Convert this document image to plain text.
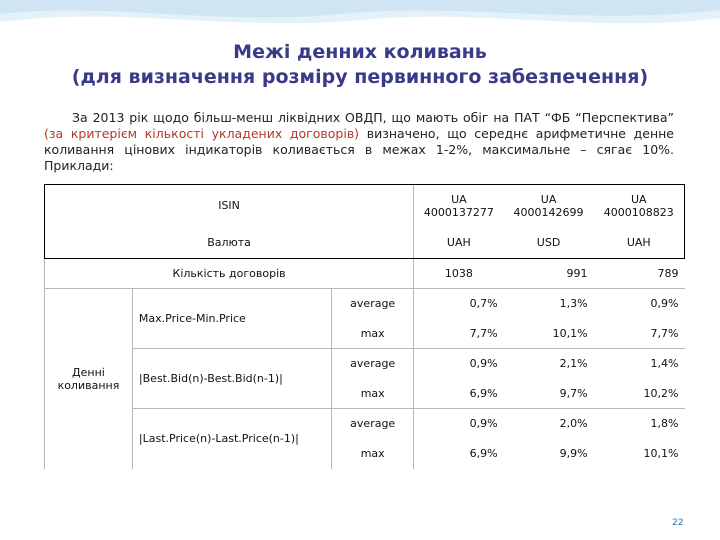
Межі денних коливань
(для визначення розміру первинного забезпечення)
За 2013 рік щодо більш-менш ліквідних ОВДП, що мають обіг на ПАТ “ФБ “Перспектива” (за критерієм кількості укладених договорів) визначено, що середнє арифметичне денне коливання цінових індикаторів коливається в межах 1-2%, максимальне – сягає 10%. Приклади:
ISIN			UA 4000137277	UA 4000142699	UA 4000108823
Валюта			UAH	USD	UAH
Кількість договорів			1038	991	789
Денні коливання	Max.Price-Min.Price	average	0,7%	1,3%	0,9%
		max	7,7%	10,1%	7,7%
	|Best.Bid(n)-Best.Bid(n-1)|	average	0,9%	2,1%	1,4%
		max	6,9%	9,7%	10,2%
	|Last.Price(n)-Last.Price(n-1)|	average	0,9%	2,0%	1,8%
		max	6,9%	9,9%	10,1%
22
